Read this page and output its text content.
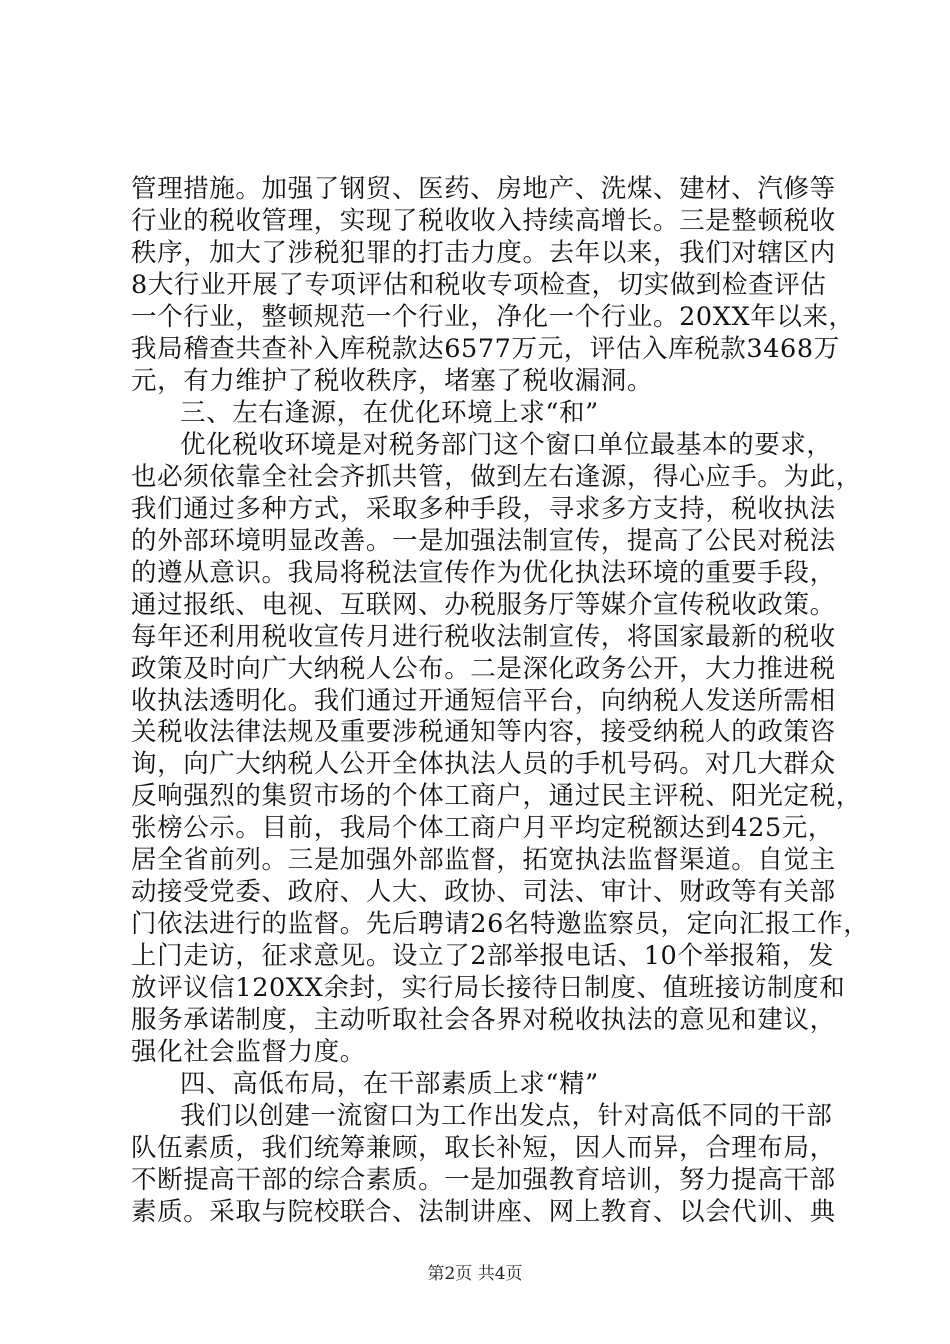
管理措施。加强了钢贸、医药、房地产、洗煤、建材、汽修等
行业的税收管理，实现了税收收入持续高增长。三是整顿税收
秩序，加大了涉税犯罪的打击力度。去年以来，我们对辖区内
8大行业开展了专项评估和税收专项检查，切实做到检查评估
一个行业，整顿规范一个行业，净化一个行业。20XX年以来，
我局稽查共查补入库税款达6577万元，评估入库税款3468万
元，有力维护了税收秩序，堵塞了税收漏洞。
三、左右逢源，在优化环境上求“和”
优化税收环境是对税务部门这个窗口单位最基本的要求，
也必须依靠全社会齐抓共管，做到左右逢源，得心应手。为此，
我们通过多种方式，采取多种手段，寻求多方支持，税收执法
的外部环境明显改善。一是加强法制宣传，提高了公民对税法
的遵从意识。我局将税法宣传作为优化执法环境的重要手段，
通过报纸、电视、互联网、办税服务厅等媒介宣传税收政策。
每年还利用税收宣传月进行税收法制宣传，将国家最新的税收
政策及时向广大纳税人公布。二是深化政务公开，大力推进税
收执法透明化。我们通过开通短信平台，向纳税人发送所需相
关税收法律法规及重要涉税通知等内容，接受纳税人的政策咨
询，向广大纳税人公开全体执法人员的手机号码。对几大群众
反响强烈的集贸市场的个体工商户，通过民主评税、阳光定税，
张榜公示。目前，我局个体工商户月平均定税额达到425元，
居全省前列。三是加强外部监督，拓宽执法监督渠道。自觉主
动接受党委、政府、人大、政协、司法、审计、财政等有关部
门依法进行的监督。先后聘请26名特邀监察员，定向汇报工作，
上门走访，征求意见。设立了2部举报电话、10个举报箱，发
放评议信120XX余封，实行局长接待日制度、值班接访制度和
服务承诺制度，主动听取社会各界对税收执法的意见和建议，
强化社会监督力度。
四、高低布局，在干部素质上求“精”
我们以创建一流窗口为工作出发点，针对高低不同的干部
队伍素质，我们统筹兼顾，取长补短，因人而异，合理布局，
不断提高干部的综合素质。一是加强教育培训，努力提高干部
素质。采取与院校联合、法制讲座、网上教育、以会代训、典
第2页 共4页
